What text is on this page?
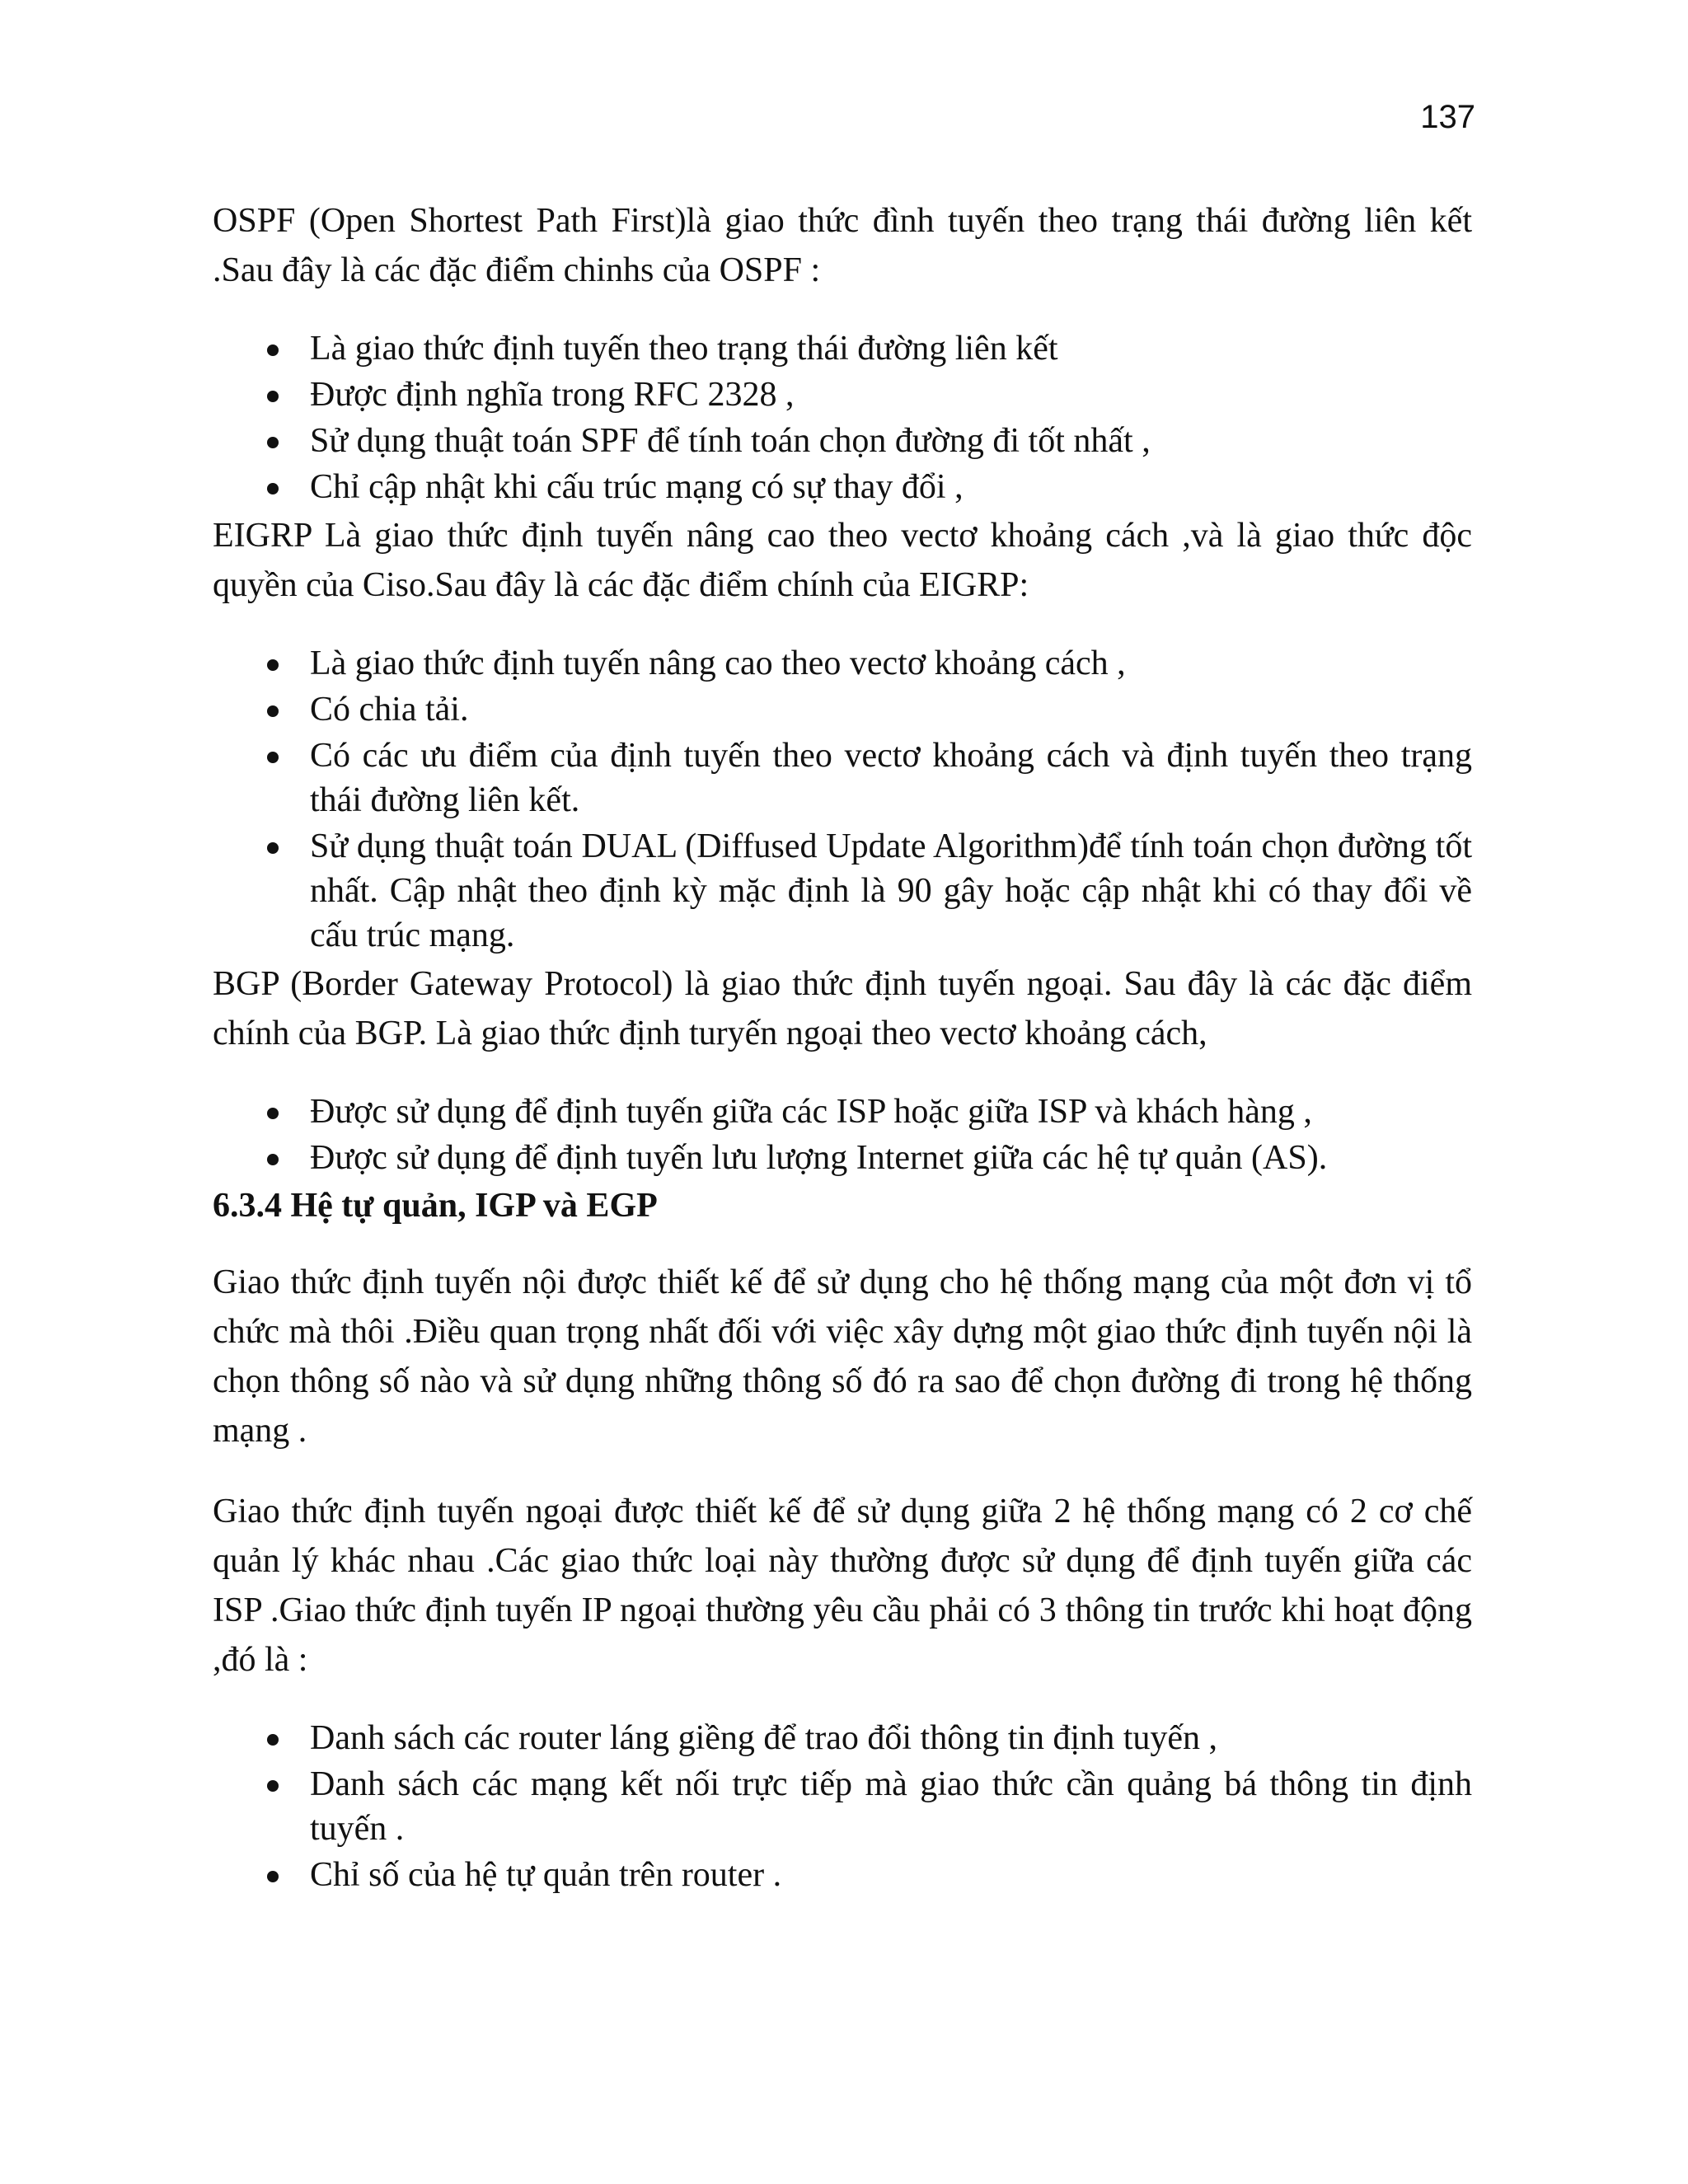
137

OSPF (Open Shortest Path First)là giao thức đình tuyến theo trạng thái đường liên kết .Sau đây là các đặc điểm chinhs của OSPF :

Là giao thức định tuyến theo trạng thái đường liên kết
Được định nghĩa trong RFC 2328 ,
Sử dụng thuật toán SPF để tính toán chọn đường đi tốt nhất ,
Chỉ cập nhật khi cấu trúc mạng có sự thay đổi ,

EIGRP Là giao thức định tuyến nâng cao theo vectơ khoảng cách ,và là giao thức độc quyền của Ciso.Sau đây là các đặc điểm chính của EIGRP:

Là giao thức định tuyến nâng cao theo vectơ khoảng cách ,
Có chia tải.
Có các ưu điểm của định tuyến theo vectơ khoảng cách và định tuyến theo trạng thái đường liên kết.
Sử dụng thuật toán DUAL (Diffused Update Algorithm)để tính toán chọn đường tốt nhất. Cập nhật theo định kỳ mặc định là 90 gây hoặc cập nhật khi có thay đổi về cấu trúc mạng.

BGP (Border Gateway Protocol) là giao thức định tuyến ngoại. Sau đây là các đặc điểm chính của BGP. Là giao thức định turyến ngoại theo vectơ khoảng cách,

Được sử dụng để định tuyến giữa các ISP hoặc giữa ISP và khách hàng ,
Được sử dụng để định tuyến lưu lượng Internet giữa các hệ tự quản (AS).
6.3.4 Hệ tự quản, IGP và EGP

Giao thức định tuyến nội được thiết kế để sử dụng cho hệ thống mạng của một đơn vị tổ chức mà thôi .Điều quan trọng nhất đối với việc xây dựng một giao thức định tuyến nội là chọn thông số nào và sử dụng những thông số đó ra sao để chọn đường đi trong hệ thống mạng .

Giao thức định tuyến ngoại được thiết kế để sử dụng giữa 2 hệ thống mạng có 2 cơ chế quản lý khác nhau .Các giao thức loại này thường được sử dụng để định tuyến giữa các ISP .Giao thức định tuyến IP ngoại thường yêu cầu phải có 3 thông tin trước khi hoạt động ,đó là :

Danh sách các router láng giềng để trao đổi thông tin định tuyến ,
Danh sách các mạng kết nối trực tiếp mà giao thức cần quảng bá thông tin định tuyến .
Chỉ số của hệ tự quản trên router .
